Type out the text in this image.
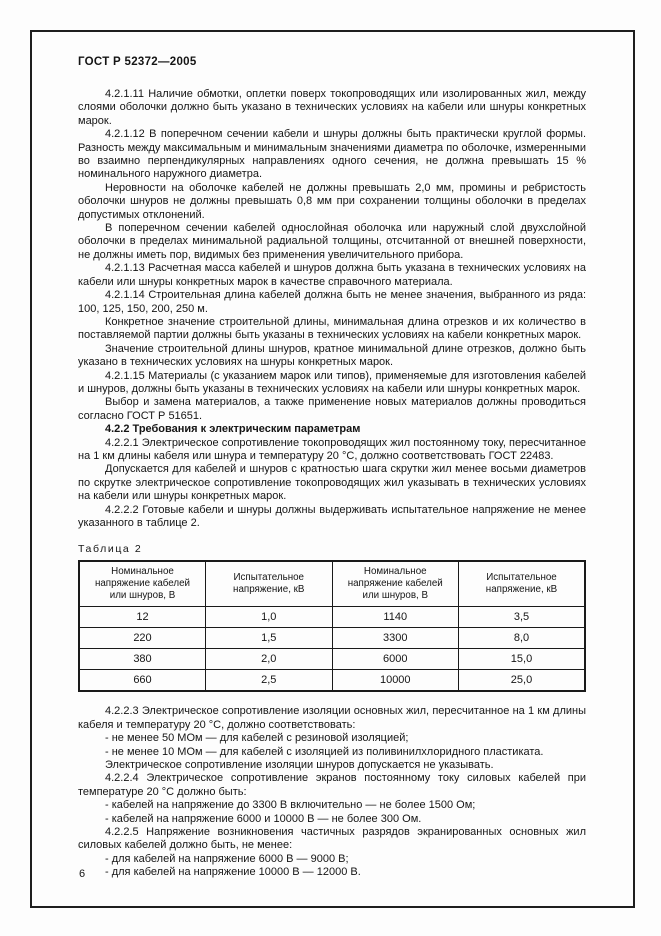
ГОСТ Р 52372—2005

4.2.1.11 Наличие обмотки, оплетки поверх токопроводящих или изолированных жил, между слоями оболочки должно быть указано в технических условиях на кабели или шнуры конкретных марок.

4.2.1.12 В поперечном сечении кабели и шнуры должны быть практически круглой формы. Разность между максимальным и минимальным значениями диаметра по оболочке, измеренными во взаимно перпендикулярных направлениях одного сечения, не должна превышать 15 % номинального наружного диаметра.

Неровности на оболочке кабелей не должны превышать 2,0 мм, промины и ребристость оболочки шнуров не должны превышать 0,8 мм при сохранении толщины оболочки в пределах допустимых отклонений.

В поперечном сечении кабелей однослойная оболочка или наружный слой двухслойной оболочки в пределах минимальной радиальной толщины, отсчитанной от внешней поверхности, не должны иметь пор, видимых без применения увеличительного прибора.

4.2.1.13 Расчетная масса кабелей и шнуров должна быть указана в технических условиях на кабели или шнуры конкретных марок в качестве справочного материала.

4.2.1.14 Строительная длина кабелей должна быть не менее значения, выбранного из ряда: 100, 125, 150, 200, 250 м.

Конкретное значение строительной длины, минимальная длина отрезков и их количество в поставляемой партии должны быть указаны в технических условиях на кабели конкретных марок.

Значение строительной длины шнуров, кратное минимальной длине отрезков, должно быть указано в технических условиях на шнуры конкретных марок.

4.2.1.15 Материалы (с указанием марок или типов), применяемые для изготовления кабелей и шнуров, должны быть указаны в технических условиях на кабели или шнуры конкретных марок.

Выбор и замена материалов, а также применение новых материалов должны проводиться согласно ГОСТ Р 51651.

4.2.2 Требования к электрическим параметрам

4.2.2.1 Электрическое сопротивление токопроводящих жил постоянному току, пересчитанное на 1 км длины кабеля или шнура и температуру 20 °С, должно соответствовать ГОСТ 22483.

Допускается для кабелей и шнуров с кратностью шага скрутки жил менее восьми диаметров по скрутке электрическое сопротивление токопроводящих жил указывать в технических условиях на кабели или шнуры конкретных марок.

4.2.2.2 Готовые кабели и шнуры должны выдерживать испытательное напряжение не менее указанного в таблице 2.

Таблица 2
Номинальное напряжение кабелей или шнуров, В	Испытательное напряжение, кВ	Номинальное напряжение кабелей или шнуров, В	Испытательное напряжение, кВ
12	1,0	1140	3,5
220	1,5	3300	8,0
380	2,0	6000	15,0
660	2,5	10000	25,0

4.2.2.3 Электрическое сопротивление изоляции основных жил, пересчитанное на 1 км длины кабеля и температуру 20 °С, должно соответствовать:

- не менее 50 МОм — для кабелей с резиновой изоляцией;

- не менее 10 МОм — для кабелей с изоляцией из поливинилхлоридного пластиката.

Электрическое сопротивление изоляции шнуров допускается не указывать.

4.2.2.4 Электрическое сопротивление экранов постоянному току силовых кабелей при температуре 20 °С должно быть:

- кабелей на напряжение до 3300 В включительно — не более 1500 Ом;

- кабелей на напряжение 6000 и 10000 В — не более 300 Ом.

4.2.2.5 Напряжение возникновения частичных разрядов экранированных основных жил силовых кабелей должно быть, не менее:

- для кабелей на напряжение 6000 В — 9000 В;

- для кабелей на напряжение 10000 В — 12000 В.

6
